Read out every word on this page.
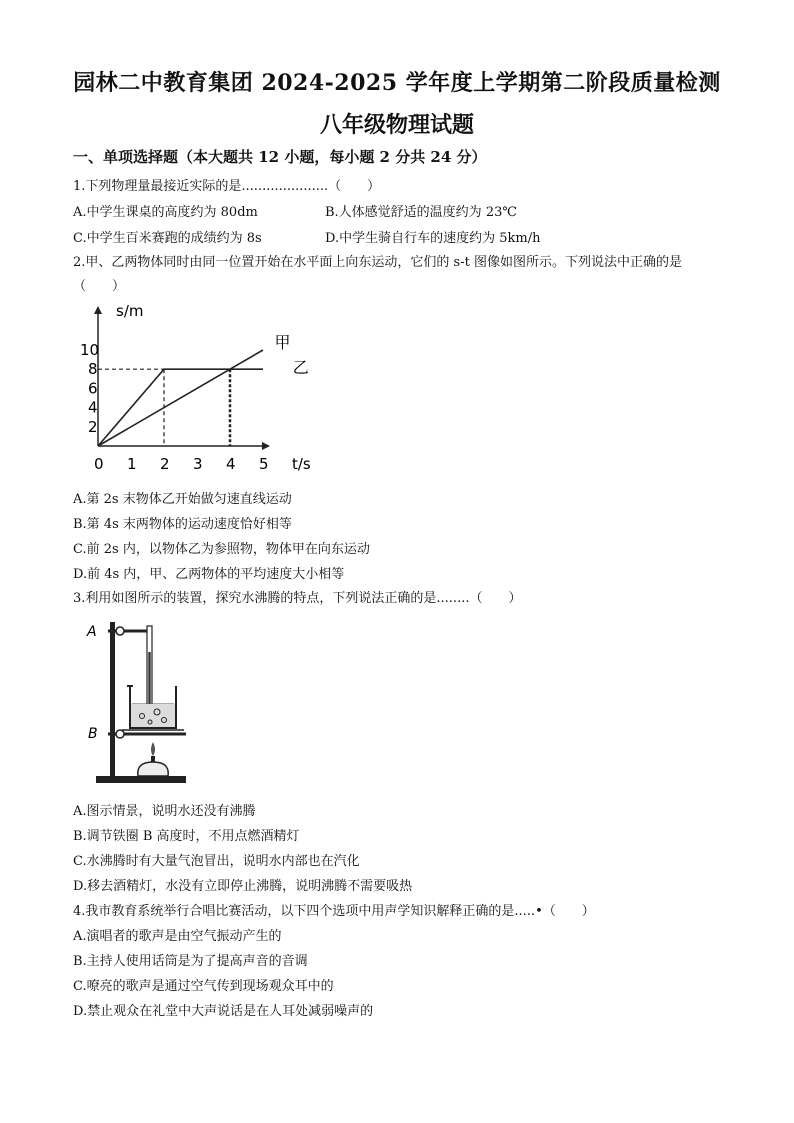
园林二中教育集团 2024-2025 学年度上学期第二阶段质量检测
八年级物理试题
一、单项选择题（本大题共 12 小题，每小题 2 分共 24 分）
1.下列物理量最接近实际的是.....................（　　）
A.中学生课桌的高度约为 80dm	B.人体感觉舒适的温度约为 23℃
C.中学生百米赛跑的成绩约为 8s	D.中学生骑自行车的速度约为 5km/h
2.甲、乙两物体同时由同一位置开始在水平面上向东运动，它们的 s-t 图像如图所示。下列说法中正确的是
（　　）
s/m
t/s
0 1 2 3 4 5
2
4
6
8
10	甲
乙
A.第 2s 末物体乙开始做匀速直线运动
B.第 4s 末两物体的运动速度恰好相等
C.前 2s 内，以物体乙为参照物，物体甲在向东运动
D.前 4s 内，甲、乙两物体的平均速度大小相等
3.利用如图所示的装置，探究水沸腾的特点，下列说法正确的是........（　　）
A
B
A.图示情景，说明水还没有沸腾
B.调节铁圈 B 高度时，不用点燃酒精灯
C.水沸腾时有大量气泡冒出，说明水内部也在汽化
D.移去酒精灯，水没有立即停止沸腾，说明沸腾不需要吸热
4.我市教育系统举行合唱比赛活动，以下四个选项中用声学知识解释正确的是.....•（　　）
A.演唱者的歌声是由空气振动产生的
B.主持人使用话筒是为了提高声音的音调
C.嘹亮的歌声是通过空气传到现场观众耳中的
D.禁止观众在礼堂中大声说话是在人耳处减弱噪声的
